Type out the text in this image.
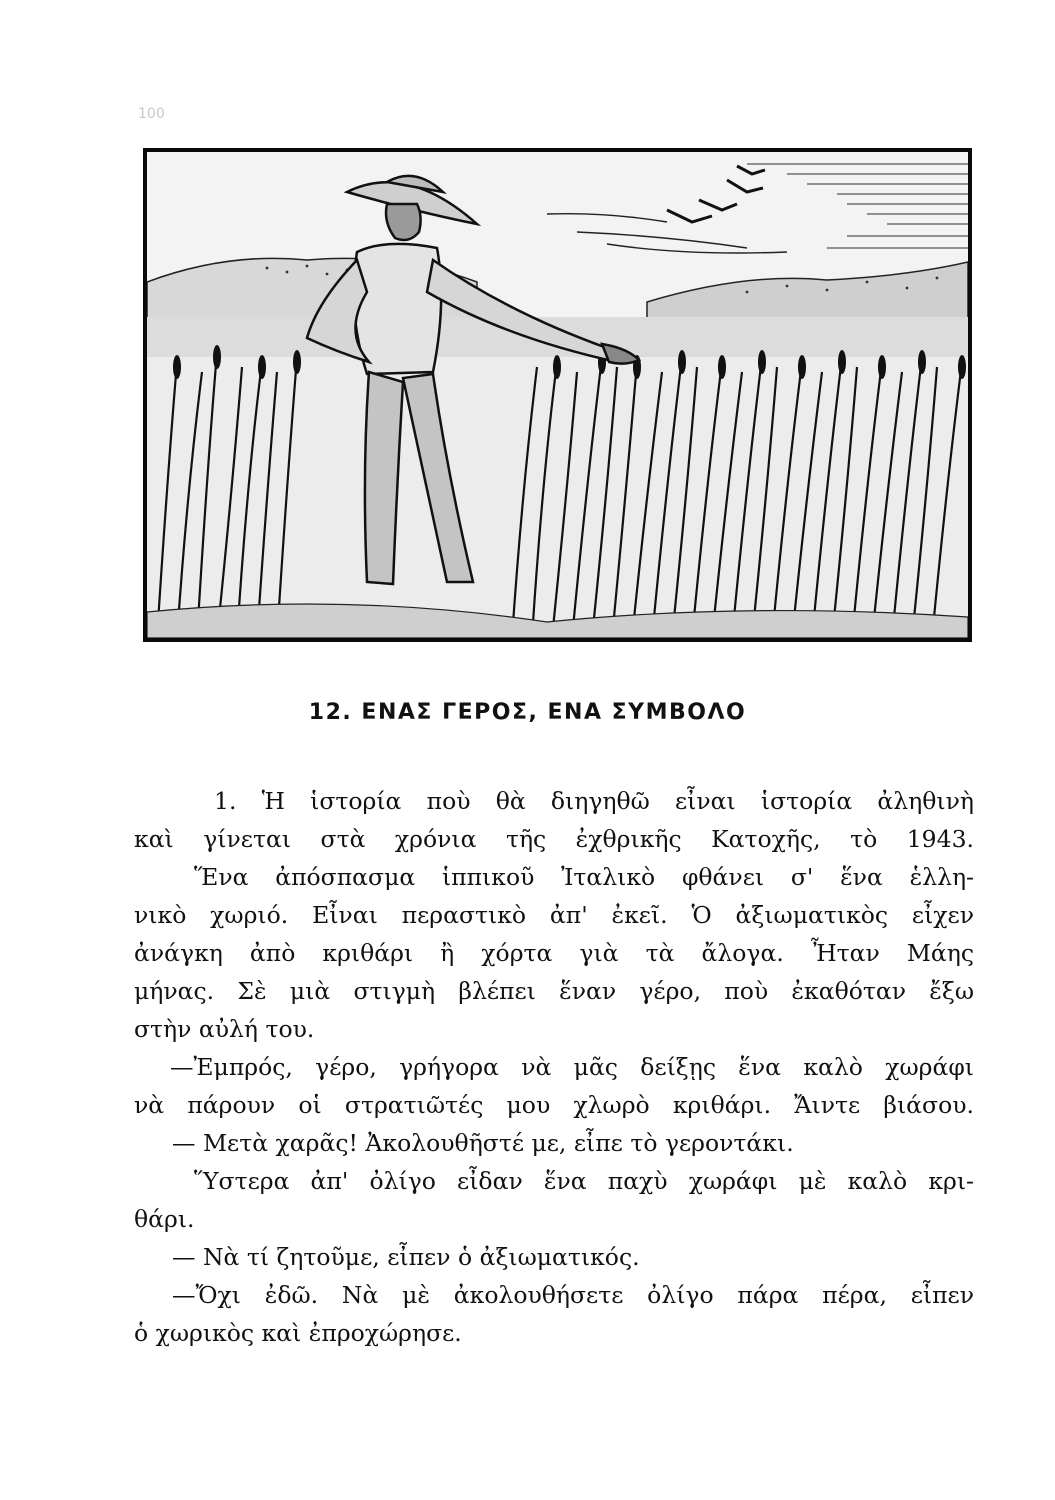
100
12. ΕΝΑΣ ΓΕΡΟΣ, ΕΝΑ ΣΥΜΒΟΛΟ
1. Ἡ ἱστορία ποὺ θὰ διηγηθῶ εἶναι ἱστορία ἀληθινὴ
καὶ γίνεται στὰ χρόνια τῆς ἐχθρικῆς Κατοχῆς, τὸ 1943.
Ἕνα ἀπόσπασμα ἱππικοῦ Ἰταλικὸ φθάνει σ' ἕνα ἑλλη-
νικὸ χωριό. Εἶναι περαστικὸ ἀπ' ἐκεῖ. Ὁ ἀξιωματικὸς εἶχεν
ἀνάγκη ἀπὸ κριθάρι ἢ χόρτα γιὰ τὰ ἄλογα. Ἦταν Μάης
μήνας. Σὲ μιὰ στιγμὴ βλέπει ἕναν γέρο, ποὺ ἐκαθόταν ἔξω
στὴν αὐλή του.
—Ἐμπρός, γέρο, γρήγορα νὰ μᾶς δείξῃς ἕνα καλὸ χωράφι
νὰ πάρουν οἱ στρατιῶτές μου χλωρὸ κριθάρι. Ἄιντε βιάσου.
— Μετὰ χαρᾶς! Ἀκολουθῆστέ με, εἶπε τὸ γεροντάκι.
Ὕστερα ἀπ' ὀλίγο εἶδαν ἕνα παχὺ χωράφι μὲ καλὸ κρι-
θάρι.
— Νὰ τί ζητοῦμε, εἶπεν ὁ ἀξιωματικός.
—Ὄχι ἐδῶ. Νὰ μὲ ἀκολουθήσετε ὀλίγο πάρα πέρα, εἶπεν
ὁ χωρικὸς καὶ ἐπροχώρησε.
